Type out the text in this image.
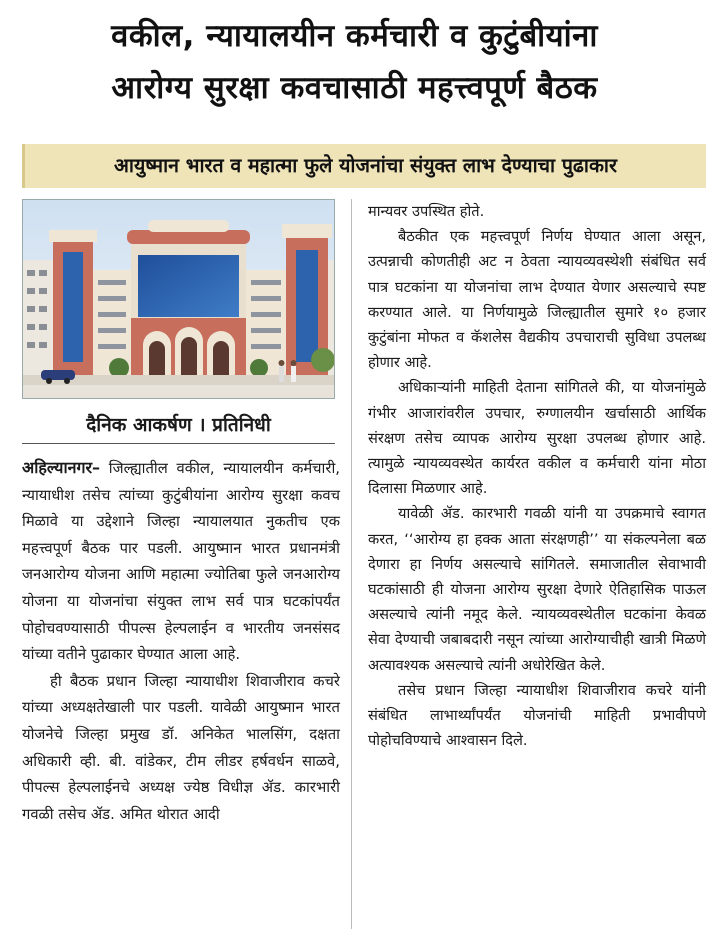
वकील, न्यायालयीन कर्मचारी व कुटुंबीयांना
आरोग्य सुरक्षा कवचासाठी महत्त्वपूर्ण बैठक
आयुष्मान भारत व महात्मा फुले योजनांचा संयुक्त लाभ देण्याचा पुढाकार
दैनिक आकर्षण । प्रतिनिधी

अहिल्यानगर– जिल्ह्यातील वकील, न्यायालयीन कर्मचारी, न्यायाधीश तसेच त्यांच्या कुटुंबीयांना आरोग्य सुरक्षा कवच मिळावे या उद्देशाने जिल्हा न्यायालयात नुकतीच एक महत्त्वपूर्ण बैठक पार पडली. आयुष्मान भारत प्रधानमंत्री जनआरोग्य योजना आणि महात्मा ज्योतिबा फुले जनआरोग्य योजना या योजनांचा संयुक्त लाभ सर्व पात्र घटकांपर्यंत पोहोचवण्यासाठी पीपल्स हेल्पलाईन व भारतीय जनसंसद यांच्या वतीने पुढाकार घेण्यात आला आहे.

ही बैठक प्रधान जिल्हा न्यायाधीश शिवाजीराव कचरे यांच्या अध्यक्षतेखाली पार पडली. यावेळी आयुष्मान भारत योजनेचे जिल्हा प्रमुख डॉ. अनिकेत भालसिंग, दक्षता अधिकारी व्ही. बी. वांडेकर, टीम लीडर हर्षवर्धन साळवे, पीपल्स हेल्पलाईनचे अध्यक्ष ज्येष्ठ विधीज्ञ ॲड. कारभारी गवळी तसेच ॲड. अमित थोरात आदी

मान्यवर उपस्थित होते.

बैठकीत एक महत्त्वपूर्ण निर्णय घेण्यात आला असून, उत्पन्नाची कोणतीही अट न ठेवता न्यायव्यवस्थेशी संबंधित सर्व पात्र घटकांना या योजनांचा लाभ देण्यात येणार असल्याचे स्पष्ट करण्यात आले. या निर्णयामुळे जिल्ह्यातील सुमारे १० हजार कुटुंबांना मोफत व कॅशलेस वैद्यकीय उपचाराची सुविधा उपलब्ध होणार आहे.

अधिकाऱ्यांनी माहिती देताना सांगितले की, या योजनांमुळे गंभीर आजारांवरील उपचार, रुग्णालयीन खर्चासाठी आर्थिक संरक्षण तसेच व्यापक आरोग्य सुरक्षा उपलब्ध होणार आहे. त्यामुळे न्यायव्यवस्थेत कार्यरत वकील व कर्मचारी यांना मोठा दिलासा मिळणार आहे.

यावेळी ॲड. कारभारी गवळी यांनी या उपक्रमाचे स्वागत करत, ‘‘आरोग्य हा हक्क आता संरक्षणही’’ या संकल्पनेला बळ देणारा हा निर्णय असल्याचे सांगितले. समाजातील सेवाभावी घटकांसाठी ही योजना आरोग्य सुरक्षा देणारे ऐतिहासिक पाऊल असल्याचे त्यांनी नमूद केले. न्यायव्यवस्थेतील घटकांना केवळ सेवा देण्याची जबाबदारी नसून त्यांच्या आरोग्याचीही खात्री मिळणे अत्यावश्यक असल्याचे त्यांनी अधोरेखित केले.

तसेच प्रधान जिल्हा न्यायाधीश शिवाजीराव कचरे यांनी संबंधित लाभार्थ्यांपर्यंत योजनांची माहिती प्रभावीपणे पोहोचविण्याचे आश्वासन दिले.
